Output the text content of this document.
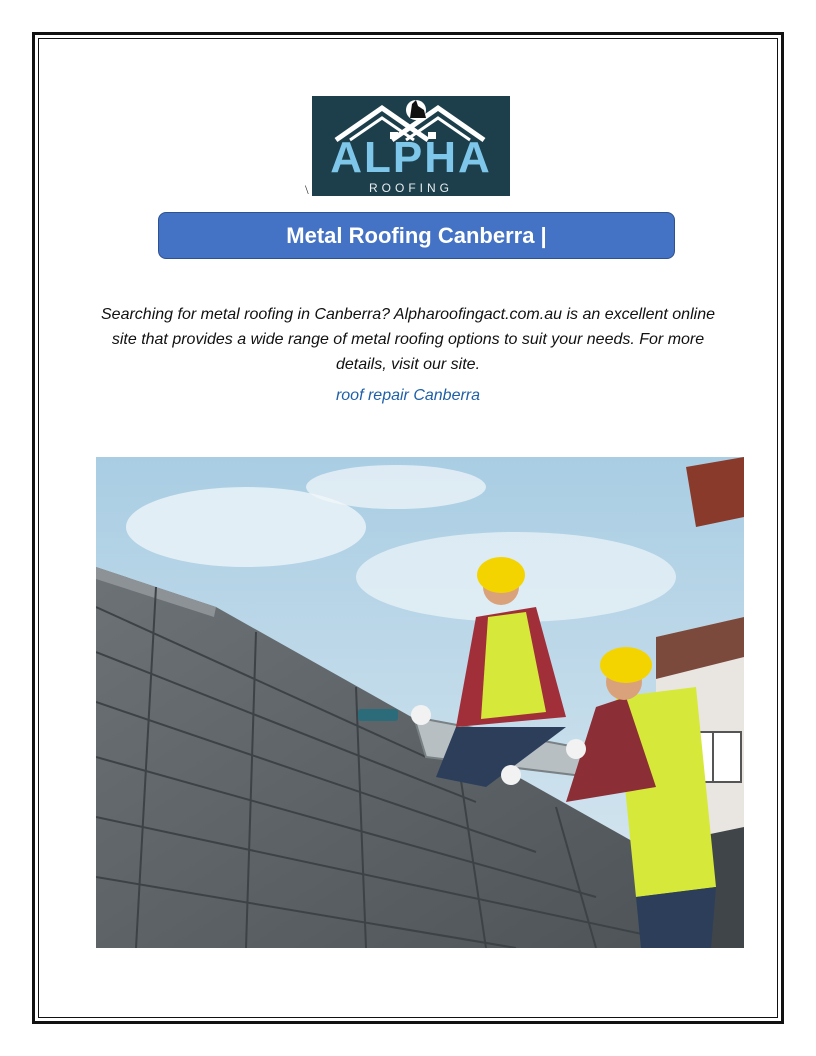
\
ALPHA
ROOFING
Metal Roofing Canberra |
Searching for metal roofing in Canberra? Alpharoofingact.com.au is an excellent online site that provides a wide range of metal roofing options to suit your needs. For more details, visit our site.
roof repair Canberra
